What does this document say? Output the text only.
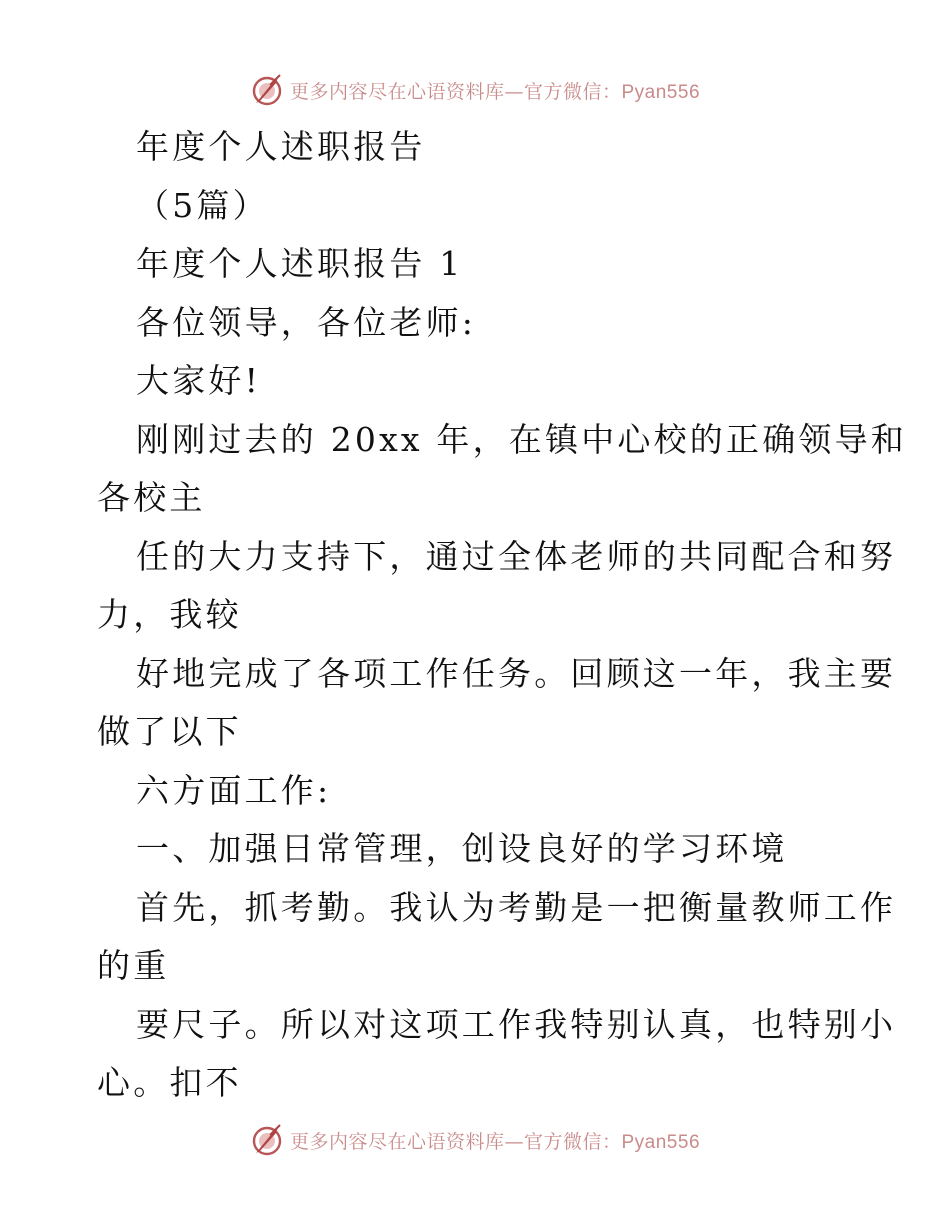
更多内容尽在心语资料库—官方微信：Pyan556
年度个人述职报告
（5篇）
年度个人述职报告 1
各位领导，各位老师:
大家好!
刚刚过去的 20xx 年，在镇中心校的正确领导和
各校主
任的大力支持下，通过全体老师的共同配合和努
力，我较
好地完成了各项工作任务。回顾这一年，我主要
做了以下
六方面工作:
一、加强日常管理，创设良好的学习环境
首先，抓考勤。我认为考勤是一把衡量教师工作
的重
要尺子。所以对这项工作我特别认真，也特别小
心。扣不
更多内容尽在心语资料库—官方微信：Pyan556
